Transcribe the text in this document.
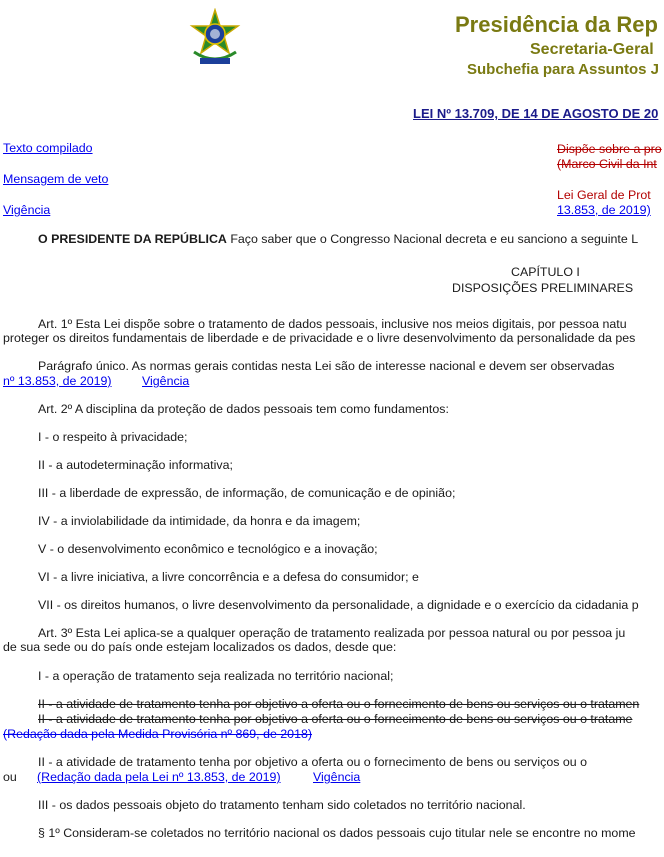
Presidência da Rep
Secretaria-Geral
Subchefia para Assuntos J
LEI Nº 13.709, DE 14 DE AGOSTO DE 20
Texto compilado
Mensagem de veto
Vigência
Dispõe sobre a pro
(Marco Civil da Int
Lei Geral de Prot
13.853, de 2019)
O PRESIDENTE DA REPÚBLICA Faço saber que o Congresso Nacional decreta e eu sanciono a seguinte L
CAPÍTULO I
DISPOSIÇÕES PRELIMINARES
Art. 1º Esta Lei dispõe sobre o tratamento de dados pessoais, inclusive nos meios digitais, por pessoa natu
proteger os direitos fundamentais de liberdade e de privacidade e o livre desenvolvimento da personalidade da pes
Parágrafo único. As normas gerais contidas nesta Lei são de interesse nacional e devem ser observadas
nº 13.853, de 2019) Vigência
Art. 2º A disciplina da proteção de dados pessoais tem como fundamentos:
I - o respeito à privacidade;
II - a autodeterminação informativa;
III - a liberdade de expressão, de informação, de comunicação e de opinião;
IV - a inviolabilidade da intimidade, da honra e da imagem;
V - o desenvolvimento econômico e tecnológico e a inovação;
VI - a livre iniciativa, a livre concorrência e a defesa do consumidor; e
VII - os direitos humanos, o livre desenvolvimento da personalidade, a dignidade e o exercício da cidadania p
Art. 3º Esta Lei aplica-se a qualquer operação de tratamento realizada por pessoa natural ou por pessoa ju
de sua sede ou do país onde estejam localizados os dados, desde que:
I - a operação de tratamento seja realizada no território nacional;
II - a atividade de tratamento tenha por objetivo a oferta ou o fornecimento de bens ou serviços ou o tratamen
II - a atividade de tratamento tenha por objetivo a oferta ou o fornecimento de bens ou serviços ou o tratame
(Redação dada pela Medida Provisória nº 869, de 2018)
II - a atividade de tratamento tenha por objetivo a oferta ou o fornecimento de bens ou serviços ou o
ou (Redação dada pela Lei nº 13.853, de 2019)	Vigência
III - os dados pessoais objeto do tratamento tenham sido coletados no território nacional.
§ 1º Consideram-se coletados no território nacional os dados pessoais cujo titular nele se encontre no mome
